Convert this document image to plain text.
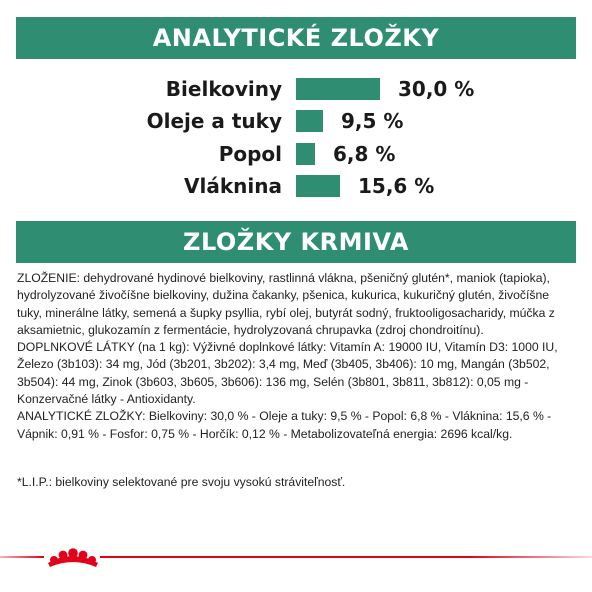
ANALYTICKÉ ZLOŽKY
Bielkoviny	30,0 %
Oleje a tuky	9,5 %
Popol	6,8 %
Vláknina	15,6 %
ZLOŽKY KRMIVA

ZLOŽENIE: dehydrované hydinové bielkoviny, rastlinná vlákna, pšeničný glutén*, maniok (tapioka), hydrolyzované živočíšne bielkoviny, dužina čakanky, pšenica, kukurica, kukuričný glutén, živočíšne tuky, minerálne látky, semená a šupky psyllia, rybí olej, butyrát sodný, fruktooligosacharidy, múčka z aksamietnic, glukozamín z fermentácie, hydrolyzovaná chrupavka (zdroj chondroitínu).

DOPLNKOVÉ LÁTKY (na 1 kg): Výživné doplnkové látky: Vitamín A: 19000 IU, Vitamín D3: 1000 IU, Železo (3b103): 34 mg, Jód (3b201, 3b202): 3,4 mg, Meď (3b405, 3b406): 10 mg, Mangán (3b502, 3b504): 44 mg, Zinok (3b603, 3b605, 3b606): 136 mg, Selén (3b801, 3b811, 3b812): 0,05 mg - Konzervačné látky - Antioxidanty.

ANALYTICKÉ ZLOŽKY: Bielkoviny: 30,0 % - Oleje a tuky: 9,5 % - Popol: 6,8 % - Vláknina: 15,6 % - Vápnik: 0,91 % - Fosfor: 0,75 % - Horčík: 0,12 % - Metabolizovateľná energia: 2696 kcal/kg.

*L.I.P.: bielkoviny selektované pre svoju vysokú stráviteľnosť.
